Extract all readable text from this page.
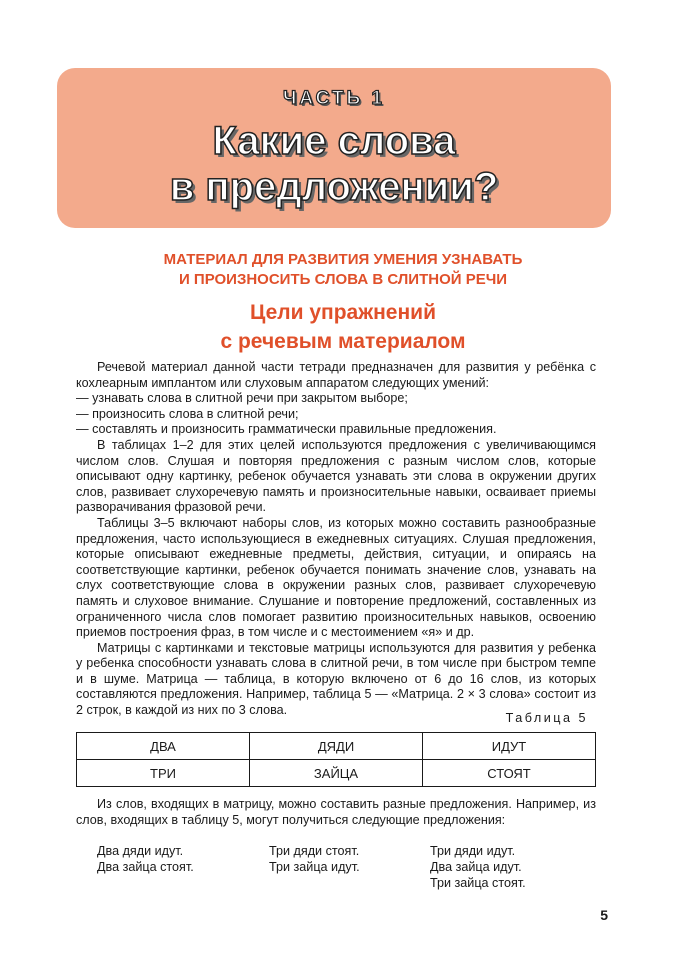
ЧАСТЬ 1
Какие слова
в предложении?
МАТЕРИАЛ ДЛЯ РАЗВИТИЯ УМЕНИЯ УЗНАВАТЬ
И ПРОИЗНОСИТЬ СЛОВА В СЛИТНОЙ РЕЧИ
Цели упражнений
с речевым материалом

Речевой материал данной части тетради предназначен для развития у ребёнка с кохлеарным имплантом или слуховым аппаратом следующих умений:

— узнавать слова в слитной речи при закрытом выборе;

— произносить слова в слитной речи;

— составлять и произносить грамматически правильные предложения.

В таблицах 1–2 для этих целей используются предложения с увеличивающимся числом слов. Слушая и повторяя предложения с разным числом слов, которые описывают одну картинку, ребенок обучается узнавать эти слова в окружении других слов, развивает слухоречевую память и произносительные навыки, осваивает приемы разворачивания фразовой речи.

Таблицы 3–5 включают наборы слов, из которых можно составить разнообразные предложения, часто использующиеся в ежедневных ситуациях. Слушая предложения, которые описывают ежедневные предметы, действия, ситуации, и опираясь на соответствующие картинки, ребенок обучается понимать значение слов, узнавать на слух соответствующие слова в окружении разных слов, развивает слухоречевую память и слуховое внимание. Слушание и повторение предложений, составленных из ограниченного числа слов помогает развитию произносительных навыков, освоению приемов построения фраз, в том числе и с местоимением «я» и др.

Матрицы с картинками и текстовые матрицы используются для развития у ребенка у ребенка способности узнавать слова в слитной речи, в том числе при быстром темпе и в шуме. Матрица — таблица, в которую включено от 6 до 16 слов, из которых составляются предложения. Например, таблица 5 — «Матрица. 2 × 3 слова» состоит из 2 строк, в каждой из них по 3 слова.

Таблица 5
ДВА	ДЯДИ	ИДУТ
ТРИ	ЗАЙЦА	СТОЯТ

Из слов, входящих в матрицу, можно составить разные предложения. Например, из слов, входящих в таблицу 5, могут получиться следующие предложения:

Два дяди идут.
Два зайца стоят.
Три дяди стоят.
Три зайца идут.
Три дяди идут.
Два зайца идут.
Три зайца стоят.
5
